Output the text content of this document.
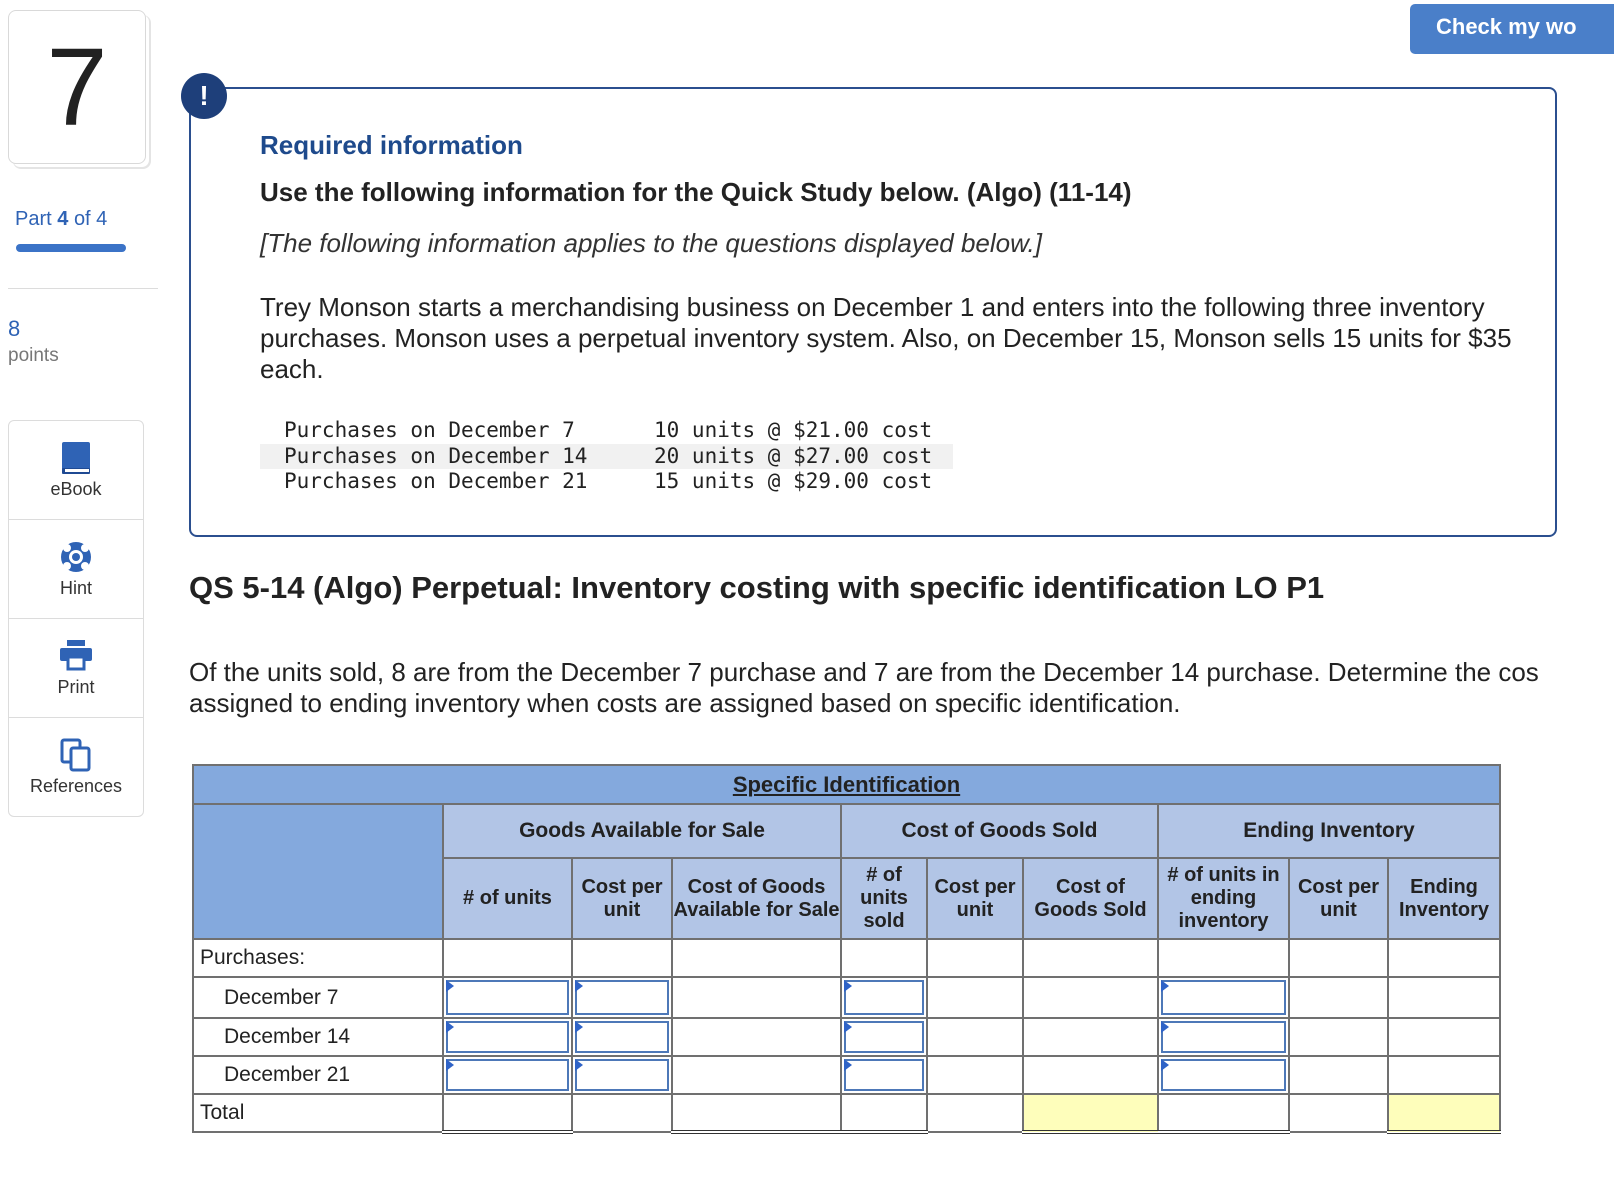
7
Part 4 of 4
8
points
eBook
Hint
Print
References
Check my wo
!
Required information
Use the following information for the Quick Study below. (Algo) (11-14)
[The following information applies to the questions displayed below.]
Trey Monson starts a merchandising business on December 1 and enters into the following three inventory purchases. Monson uses a perpetual inventory system. Also, on December 15, Monson sells 15 units for $35 each.
Purchases on December 7	10 units @ $21.00 cost
Purchases on December 14	20 units @ $27.00 cost
Purchases on December 21	15 units @ $29.00 cost
QS 5-14 (Algo) Perpetual: Inventory costing with specific identification LO P1
Of the units sold, 8 are from the December 7 purchase and 7 are from the December 14 purchase. Determine the cos
assigned to ending inventory when costs are assigned based on specific identification.
Specific Identification									
	Goods Available for Sale			Cost of Goods Sold			Ending Inventory		
	# of units	Cost per unit	Cost of Goods Available for Sale	# of units sold	Cost per unit	Cost of Goods Sold	# of units in ending inventory	Cost per unit	Ending Inventory
Purchases:									
December 7									
December 14									
December 21									
Total									
